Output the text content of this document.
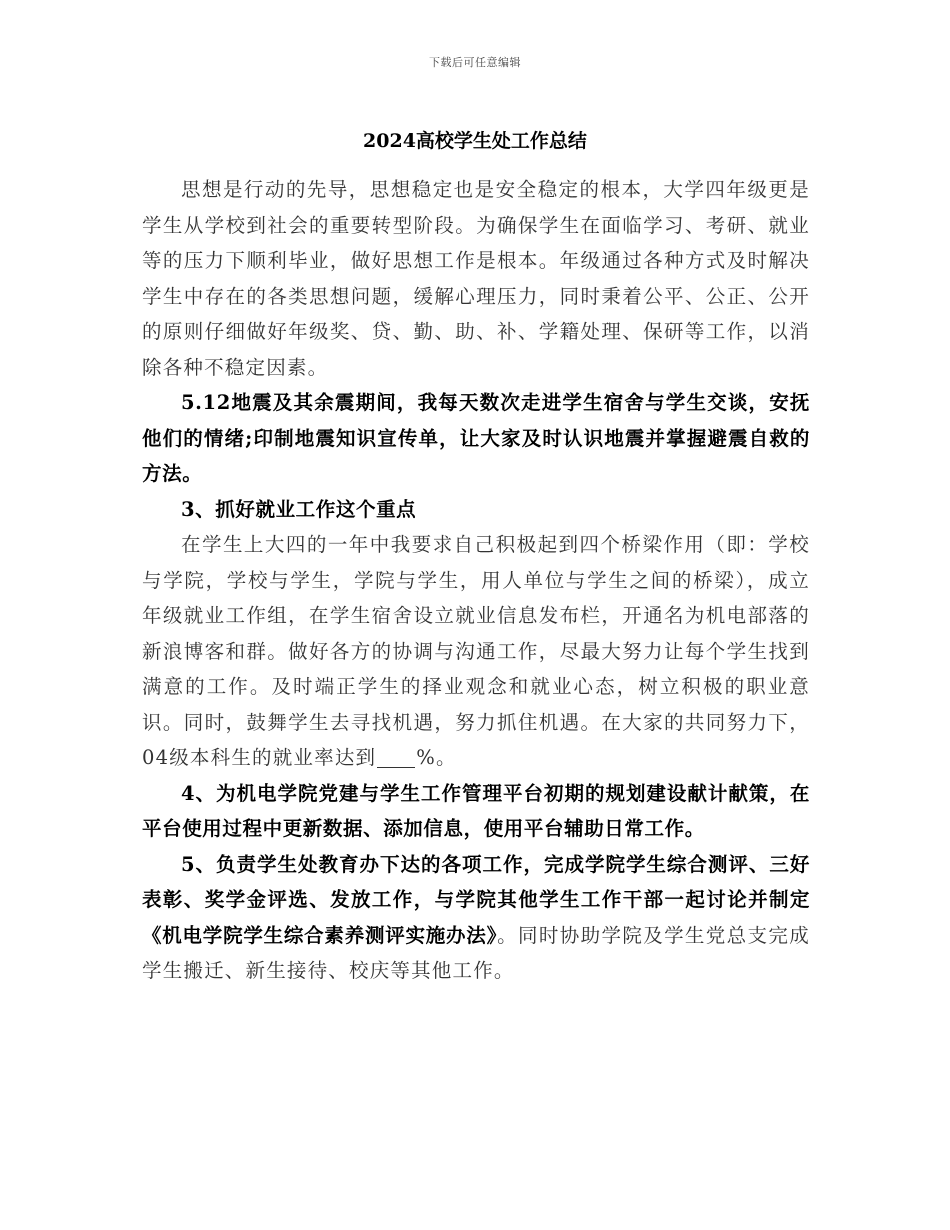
下载后可任意编辑
2024高校学生处工作总结

思想是行动的先导，思想稳定也是安全稳定的根本，大学四年级更是学生从学校到社会的重要转型阶段。为确保学生在面临学习、考研、就业等的压力下顺利毕业，做好思想工作是根本。年级通过各种方式及时解决学生中存在的各类思想问题，缓解心理压力，同时秉着公平、公正、公开的原则仔细做好年级奖、贷、勤、助、补、学籍处理、保研等工作，以消除各种不稳定因素。

5.12地震及其余震期间，我每天数次走进学生宿舍与学生交谈，安抚他们的情绪;印制地震知识宣传单，让大家及时认识地震并掌握避震自救的方法。

3、抓好就业工作这个重点

在学生上大四的一年中我要求自己积极起到四个桥梁作用（即：学校与学院，学校与学生，学院与学生，用人单位与学生之间的桥梁），成立年级就业工作组，在学生宿舍设立就业信息发布栏，开通名为机电部落的新浪博客和群。做好各方的协调与沟通工作，尽最大努力让每个学生找到满意的工作。及时端正学生的择业观念和就业心态，树立积极的职业意识。同时，鼓舞学生去寻找机遇，努力抓住机遇。在大家的共同努力下，04级本科生的就业率达到 %。

4、为机电学院党建与学生工作管理平台初期的规划建设献计献策，在平台使用过程中更新数据、添加信息，使用平台辅助日常工作。

5、负责学生处教育办下达的各项工作，完成学院学生综合测评、三好表彰、奖学金评选、发放工作，与学院其他学生工作干部一起讨论并制定《机电学院学生综合素养测评实施办法》。同时协助学院及学生党总支完成学生搬迁、新生接待、校庆等其他工作。
